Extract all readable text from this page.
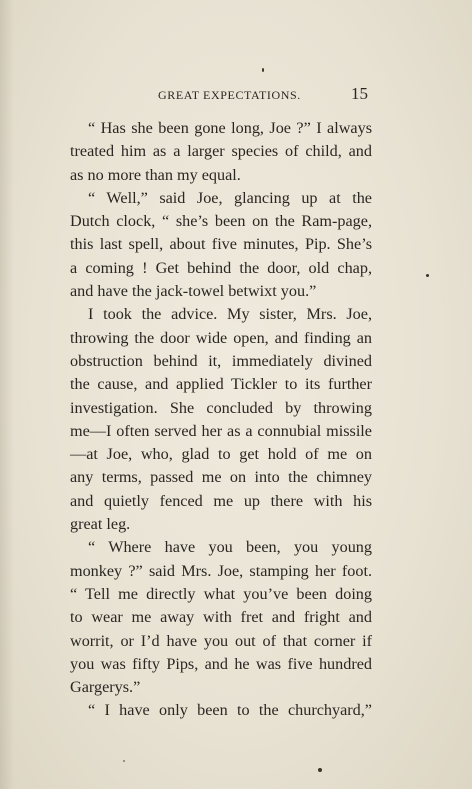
GREAT EXPECTATIONS.	15
“ Has she been gone long, Joe ?” I always
treated him as a larger species of child, and
as no more than my equal.
“ Well,” said Joe, glancing up at the
Dutch clock, “ she’s been on the Ram-page,
this last spell, about five minutes, Pip. She’s
a coming ! Get behind the door, old chap,
and have the jack-towel betwixt you.”
I took the advice. My sister, Mrs. Joe,
throwing the door wide open, and finding an
obstruction behind it, immediately divined
the cause, and applied Tickler to its further
investigation. She concluded by throwing
me—I often served her as a connubial missile
—at Joe, who, glad to get hold of me on
any terms, passed me on into the chimney
and quietly fenced me up there with his
great leg.
“ Where have you been, you young
monkey ?” said Mrs. Joe, stamping her foot.
“ Tell me directly what you’ve been doing
to wear me away with fret and fright and
worrit, or I’d have you out of that corner if
you was fifty Pips, and he was five hundred
Gargerys.”
“ I have only been to the churchyard,”
